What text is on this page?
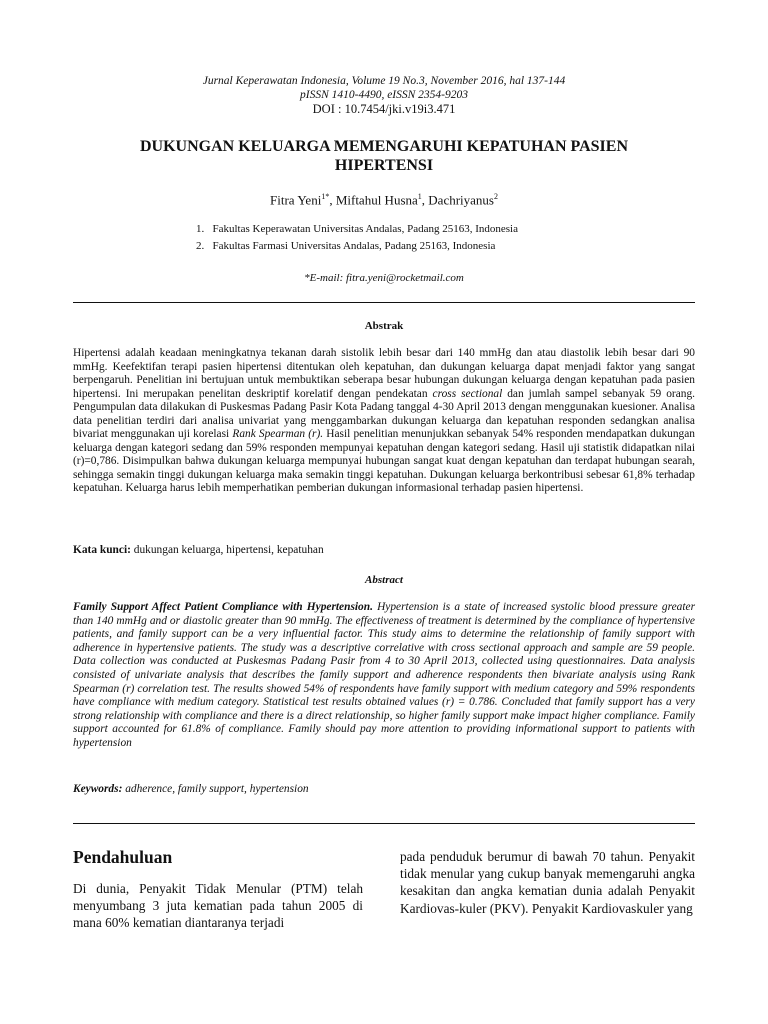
Jurnal Keperawatan Indonesia, Volume 19 No.3, November 2016, hal 137-144
pISSN 1410-4490, eISSN 2354-9203
DOI : 10.7454/jki.v19i3.471
DUKUNGAN KELUARGA MEMENGARUHI KEPATUHAN PASIEN
HIPERTENSI
Fitra Yeni$^{1*}$, Miftahul Husna$^1$, Dachriyanus$^2$
1.   Fakultas Keperawatan Universitas Andalas, Padang 25163, Indonesia
2.   Fakultas Farmasi Universitas Andalas, Padang 25163, Indonesia
*E-mail: fitra.yeni@rocketmail.com
Abstrak

Hipertensi adalah keadaan meningkatnya tekanan darah sistolik lebih besar dari 140 mmHg dan atau diastolik lebih besar dari 90 mmHg. Keefektifan terapi pasien hipertensi ditentukan oleh kepatuhan, dan dukungan keluarga dapat menjadi faktor yang sangat berpengaruh. Penelitian ini bertujuan untuk membuktikan seberapa besar hubungan dukungan keluarga dengan kepatuhan pada pasien hipertensi. Ini merupakan penelitan deskriptif korelatif dengan pendekatan cross sectional dan jumlah sampel sebanyak 59 orang. Pengumpulan data dilakukan di Puskesmas Padang Pasir Kota Padang tanggal 4-30 April 2013 dengan menggunakan kuesioner. Analisa data penelitian terdiri dari analisa univariat yang menggambarkan dukungan keluarga dan kepatuhan responden sedangkan analisa bivariat menggunakan uji korelasi Rank Spearman (r). Hasil penelitian menunjukkan sebanyak 54% responden mendapatkan dukungan keluarga dengan kategori sedang dan 59% responden mempunyai kepatuhan dengan kategori sedang. Hasil uji statistik didapatkan nilai (r)=0,786. Disimpulkan bahwa dukungan keluarga mempunyai hubungan sangat kuat dengan kepatuhan dan terdapat hubungan searah, sehingga semakin tinggi dukungan keluarga maka semakin tinggi kepatuhan. Dukungan keluarga berkontribusi sebesar 61,8% terhadap kepatuhan. Keluarga harus lebih memperhatikan pemberian dukungan informasional terhadap pasien hipertensi.

Kata kunci: dukungan keluarga, hipertensi, kepatuhan
Abstract

Family Support Affect Patient Compliance with Hypertension. Hypertension is a state of increased systolic blood pressure greater than 140 mmHg and or diastolic greater than 90 mmHg. The effectiveness of treatment is determined by the compliance of hypertensive patients, and family support can be a very influential factor. This study aims to determine the relationship of family support with adherence in hypertensive patients. The study was a descriptive correlative with cross sectional approach and sample are 59 people. Data collection was conducted at Puskesmas Padang Pasir from 4 to 30 April 2013, collected using questionnaires. Data analysis consisted of univariate analysis that describes the family support and adherence respondents then bivariate analysis using Rank Spearman (r) correlation test. The results showed 54% of respondents have family support with medium category and 59% respondents have compliance with medium category. Statistical test results obtained values (r) = 0.786. Concluded that family support has a very strong relationship with compliance and there is a direct relationship, so higher family support make impact higher compliance. Family support accounted for 61.8% of compliance. Family should pay more attention to providing informational support to patients with hypertension

Keywords: adherence, family support, hypertension
Pendahuluan

Di dunia, Penyakit Tidak Menular (PTM) telah menyumbang 3 juta kematian pada tahun 2005 di mana 60% kematian diantaranya terjadi

pada penduduk berumur di bawah 70 tahun. Penyakit tidak menular yang cukup banyak memengaruhi angka kesakitan dan angka kematian dunia adalah Penyakit Kardiovas-kuler (PKV). Penyakit Kardiovaskuler yang
